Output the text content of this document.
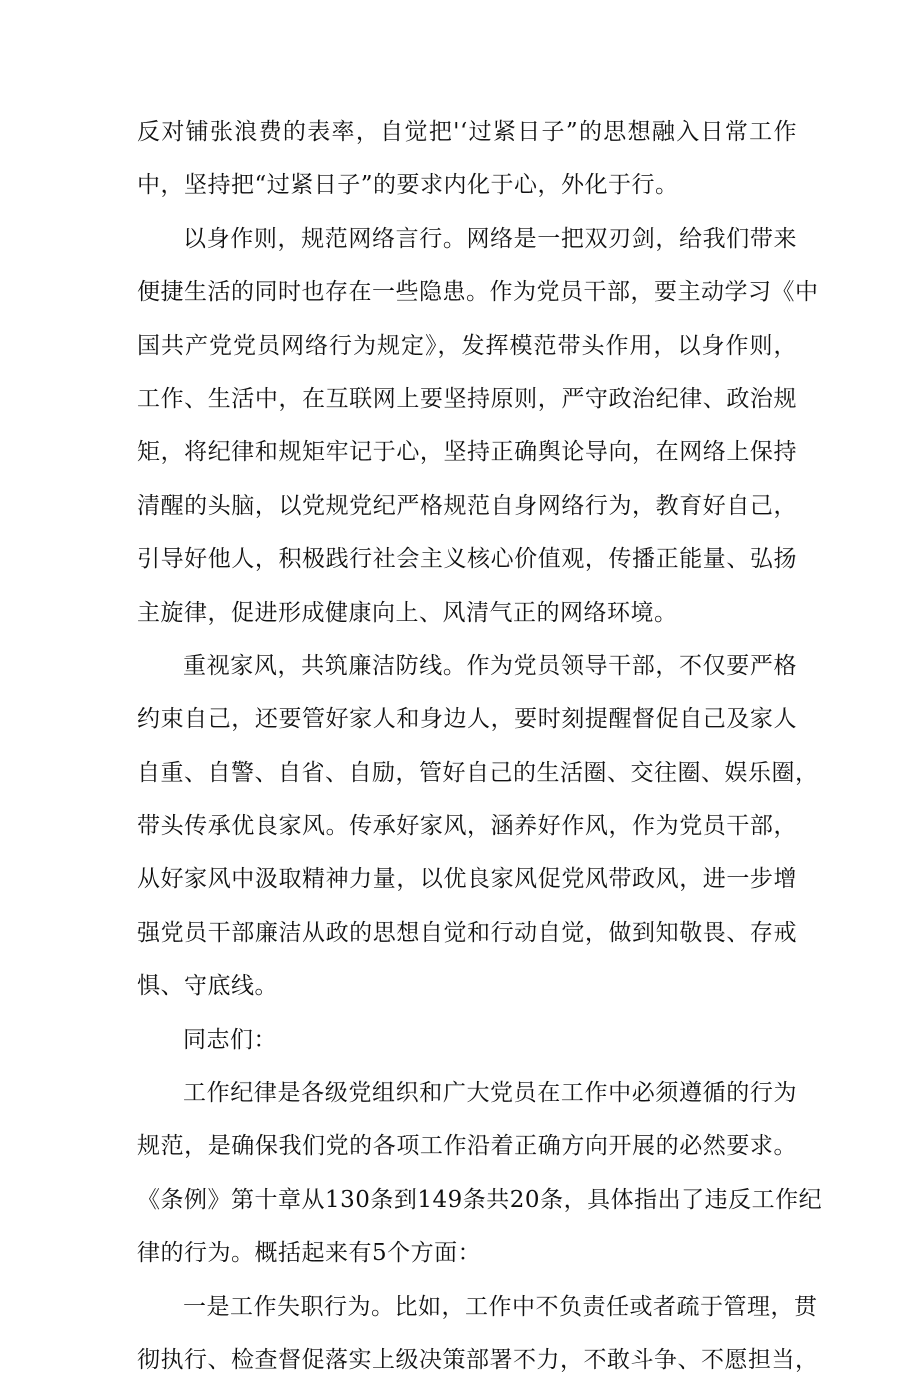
反对铺张浪费的表率，自觉把'‘过紧日子”的思想融入日常工作
中，坚持把“过紧日子”的要求内化于心，外化于行。
以身作则，规范网络言行。网络是一把双刃剑，给我们带来
便捷生活的同时也存在一些隐患。作为党员干部，要主动学习《中
国共产党党员网络行为规定》，发挥模范带头作用，以身作则，
工作、生活中，在互联网上要坚持原则，严守政治纪律、政治规
矩，将纪律和规矩牢记于心，坚持正确舆论导向，在网络上保持
清醒的头脑，以党规党纪严格规范自身网络行为，教育好自己，
引导好他人，积极践行社会主义核心价值观，传播正能量、弘扬
主旋律，促进形成健康向上、风清气正的网络环境。
重视家风，共筑廉洁防线。作为党员领导干部，不仅要严格
约束自己，还要管好家人和身边人，要时刻提醒督促自己及家人
自重、自警、自省、自励，管好自己的生活圈、交往圈、娱乐圈，
带头传承优良家风。传承好家风，涵养好作风，作为党员干部，
从好家风中汲取精神力量，以优良家风促党风带政风，进一步增
强党员干部廉洁从政的思想自觉和行动自觉，做到知敬畏、存戒
惧、守底线。
同志们：
工作纪律是各级党组织和广大党员在工作中必须遵循的行为
规范，是确保我们党的各项工作沿着正确方向开展的必然要求。
《条例》第十章从130条到149条共20条，具体指出了违反工作纪
律的行为。概括起来有5个方面：
一是工作失职行为。比如，工作中不负责任或者疏于管理，贯
彻执行、检查督促落实上级决策部署不力，不敢斗争、不愿担当，
